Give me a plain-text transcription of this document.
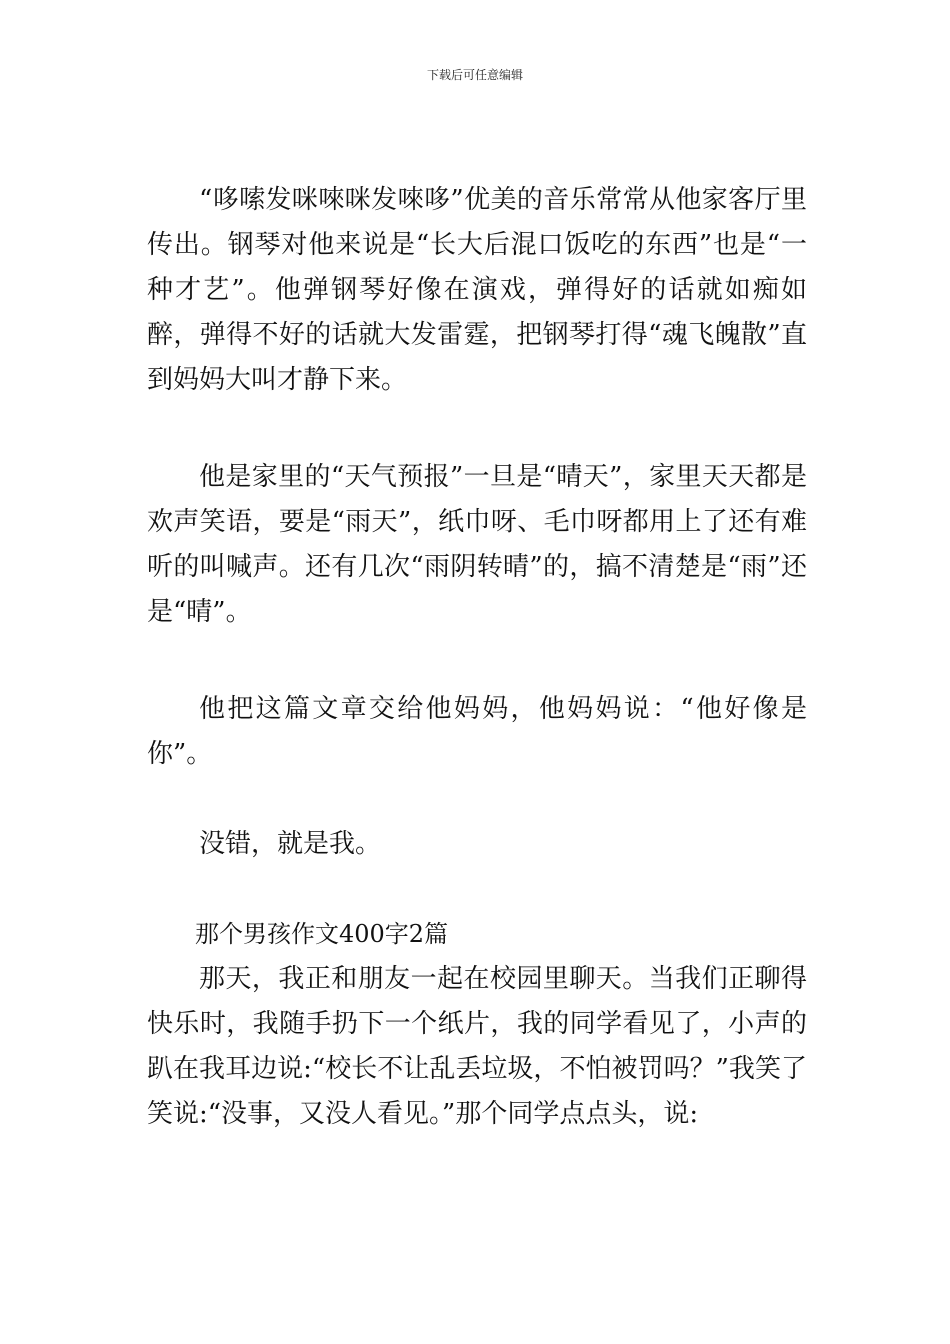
下载后可任意编辑

“哆嗦发咪唻咪发唻哆”优美的音乐常常从他家客厅里传出。钢琴对他来说是“长大后混口饭吃的东西”也是“一种才艺”。他弹钢琴好像在演戏，弹得好的话就如痴如醉，弹得不好的话就大发雷霆，把钢琴打得“魂飞魄散”直到妈妈大叫才静下来。

他是家里的“天气预报”一旦是“晴天”，家里天天都是欢声笑语，要是“雨天”，纸巾呀、毛巾呀都用上了还有难听的叫喊声。还有几次“雨阴转晴”的，搞不清楚是“雨”还是“晴”。

他把这篇文章交给他妈妈，他妈妈说：“他好像是你”。

没错，就是我。

那个男孩作文400字2篇

那天，我正和朋友一起在校园里聊天。当我们正聊得快乐时，我随手扔下一个纸片，我的同学看见了，小声的趴在我耳边说:“校长不让乱丢垃圾，不怕被罚吗？”我笑了笑说:“没事，又没人看见。”那个同学点点头，说:
